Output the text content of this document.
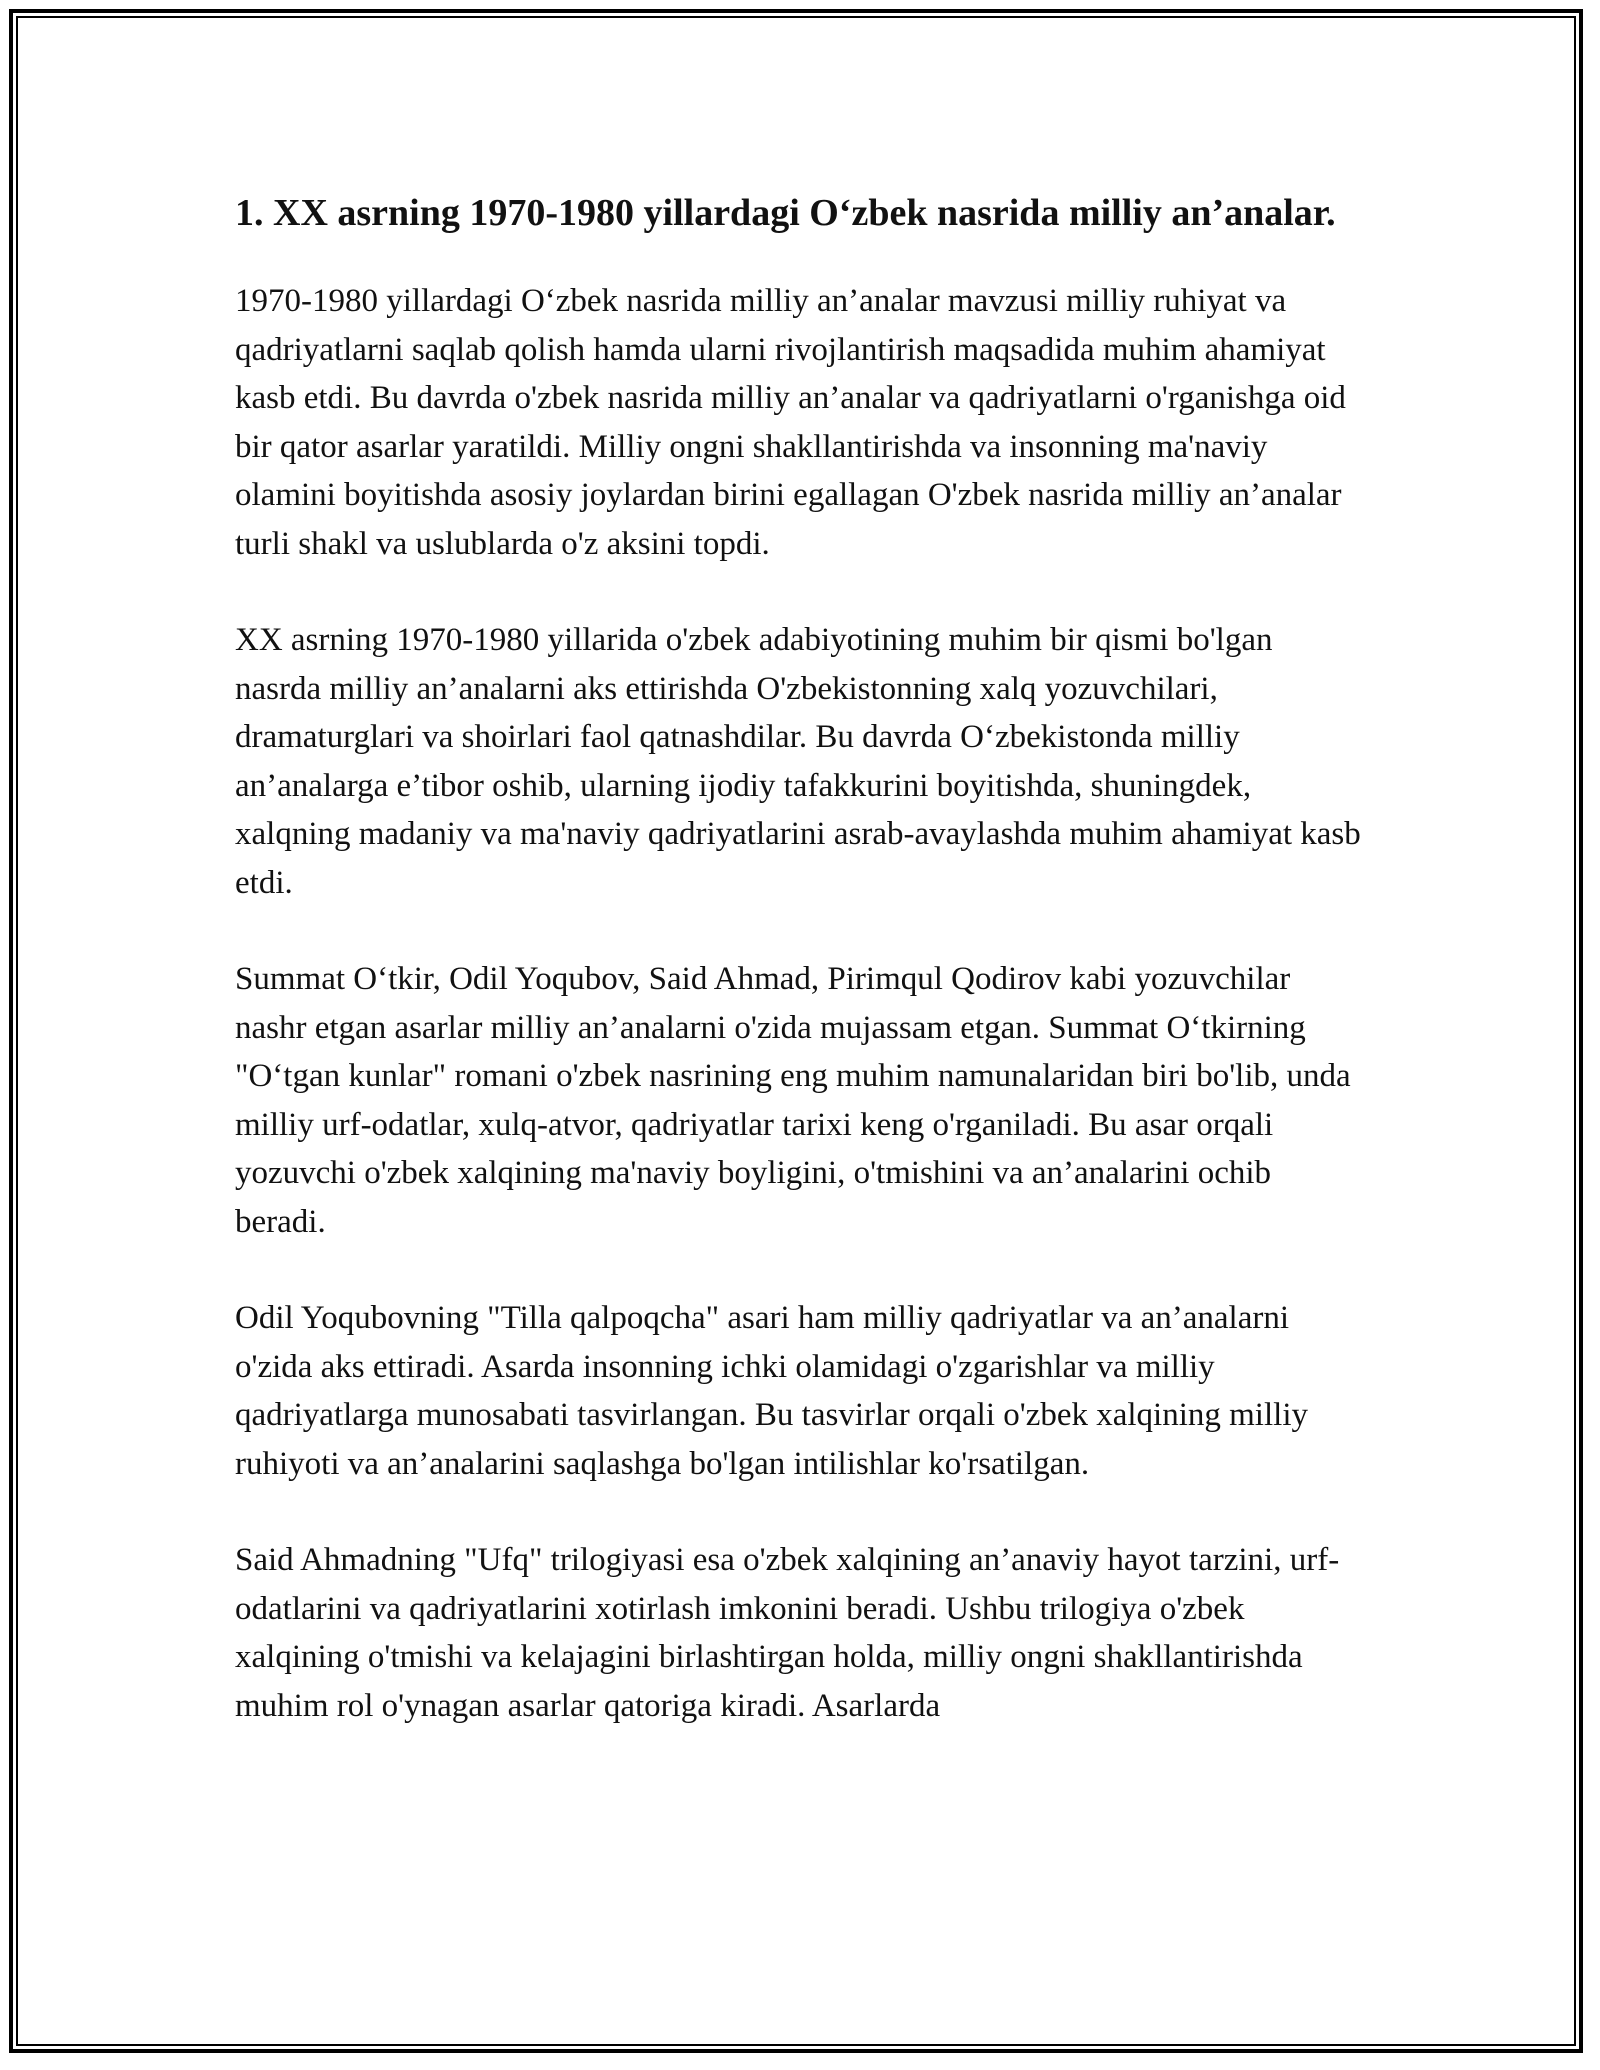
1. XX asrning 1970-1980 yillardagi O‘zbek nasrida milliy an’analar.

1970-1980 yillardagi O‘zbek nasrida milliy an’analar mavzusi milliy ruhiyat va qadriyatlarni saqlab qolish hamda ularni rivojlantirish maqsadida muhim ahamiyat kasb etdi. Bu davrda o'zbek nasrida milliy an’analar va qadriyatlarni o'rganishga oid bir qator asarlar yaratildi. Milliy ongni shakllantirishda va insonning ma'naviy olamini boyitishda asosiy joylardan birini egallagan O'zbek nasrida milliy an’analar turli shakl va uslublarda o'z aksini topdi.

XX asrning 1970-1980 yillarida o'zbek adabiyotining muhim bir qismi bo'lgan nasrda milliy an’analarni aks ettirishda O'zbekistonning xalq yozuvchilari, dramaturglari va shoirlari faol qatnashdilar. Bu davrda O‘zbekistonda milliy an’analarga e’tibor oshib, ularning ijodiy tafakkurini boyitishda, shuningdek, xalqning madaniy va ma'naviy qadriyatlarini asrab-avaylashda muhim ahamiyat kasb etdi.

Summat O‘tkir, Odil Yoqubov, Said Ahmad, Pirimqul Qodirov kabi yozuvchilar nashr etgan asarlar milliy an’analarni o'zida mujassam etgan. Summat O‘tkirning "O‘tgan kunlar" romani o'zbek nasrining eng muhim namunalaridan biri bo'lib, unda milliy urf-odatlar, xulq-atvor, qadriyatlar tarixi keng o'rganiladi. Bu asar orqali yozuvchi o'zbek xalqining ma'naviy boyligini, o'tmishini va an’analarini ochib beradi.

Odil Yoqubovning "Tilla qalpoqcha" asari ham milliy qadriyatlar va an’analarni o'zida aks ettiradi. Asarda insonning ichki olamidagi o'zgarishlar va milliy qadriyatlarga munosabati tasvirlangan. Bu tasvirlar orqali o'zbek xalqining milliy ruhiyoti va an’analarini saqlashga bo'lgan intilishlar ko'rsatilgan.

Said Ahmadning "Ufq" trilogiyasi esa o'zbek xalqining an’anaviy hayot tarzini, urf-odatlarini va qadriyatlarini xotirlash imkonini beradi. Ushbu trilogiya o'zbek xalqining o'tmishi va kelajagini birlashtirgan holda, milliy ongni shakllantirishda muhim rol o'ynagan asarlar qatoriga kiradi. Asarlarda
